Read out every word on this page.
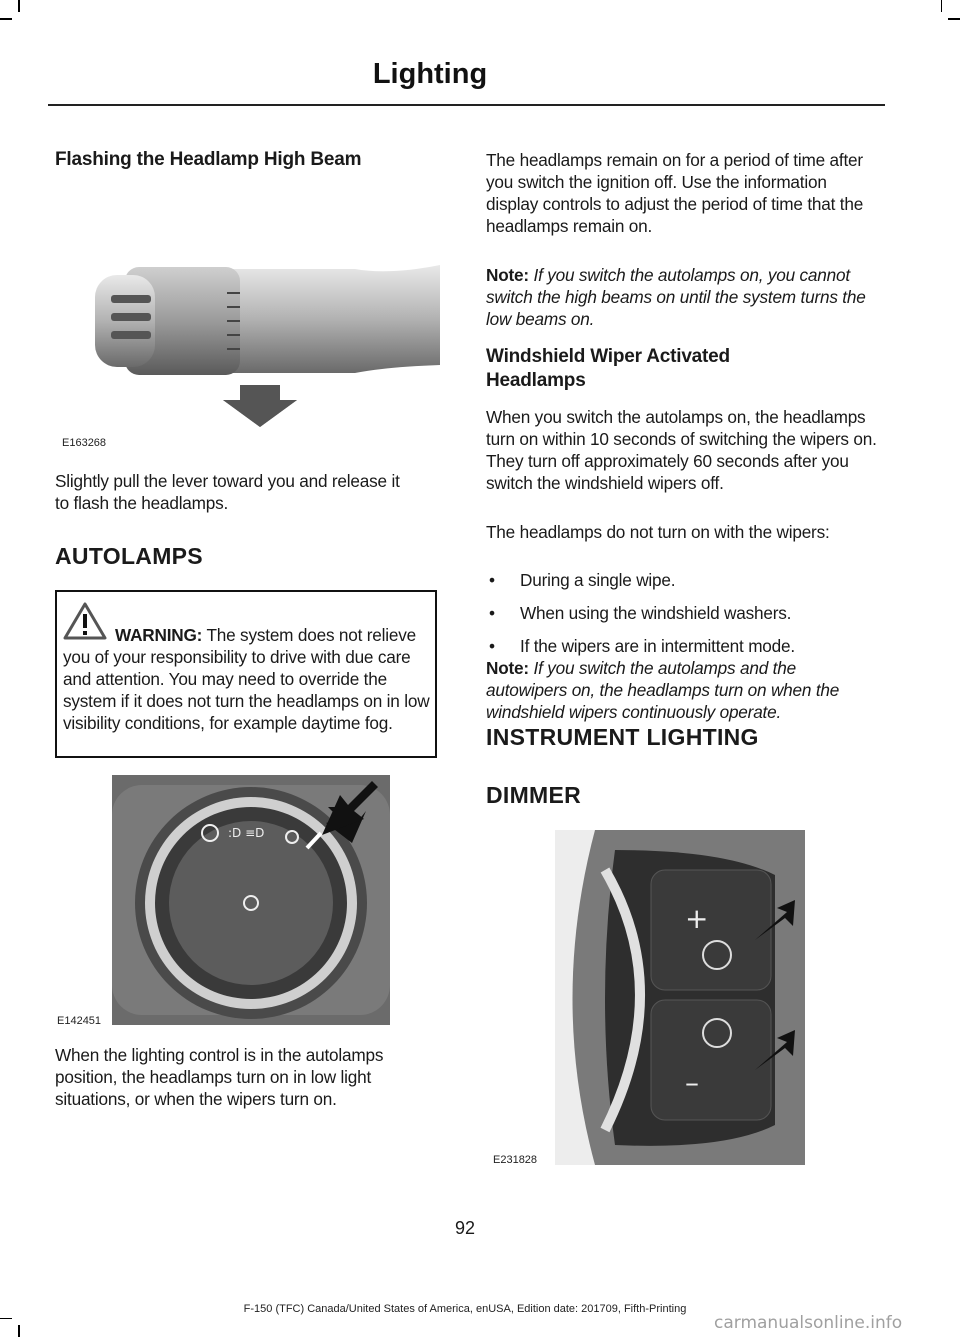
Lighting
Flashing the Headlamp High Beam
E163268

Slightly pull the lever toward you and release it to flash the headlamps.

AUTOLAMPS
WARNING: The system does not relieve you of your responsibility to drive with due care and attention. You may need to override the system if it does not turn the headlamps on in low visibility conditions, for example daytime fog.
:D ≡D
E142451

When the lighting control is in the autolamps position, the headlamps turn on in low light situations, or when the wipers turn on.

The headlamps remain on for a period of time after you switch the ignition off. Use the information display controls to adjust the period of time that the headlamps remain on.

Note: If you switch the autolamps on, you cannot switch the high beams on until the system turns the low beams on.

Windshield Wiper Activated Headlamps

When you switch the autolamps on, the headlamps turn on within 10 seconds of switching the wipers on. They turn off approximately 60 seconds after you switch the windshield wipers off.

The headlamps do not turn on with the wipers:

• During a single wipe.
• When using the windshield washers.
• If the wipers are in intermittent mode.

Note: If you switch the autolamps and the autowipers on, the headlamps turn on when the windshield wipers continuously operate.

INSTRUMENT LIGHTING
DIMMER
+
–
E231828
92
F-150 (TFC) Canada/United States of America, enUSA, Edition date: 201709, Fifth-Printing
carmanualsonline.info
